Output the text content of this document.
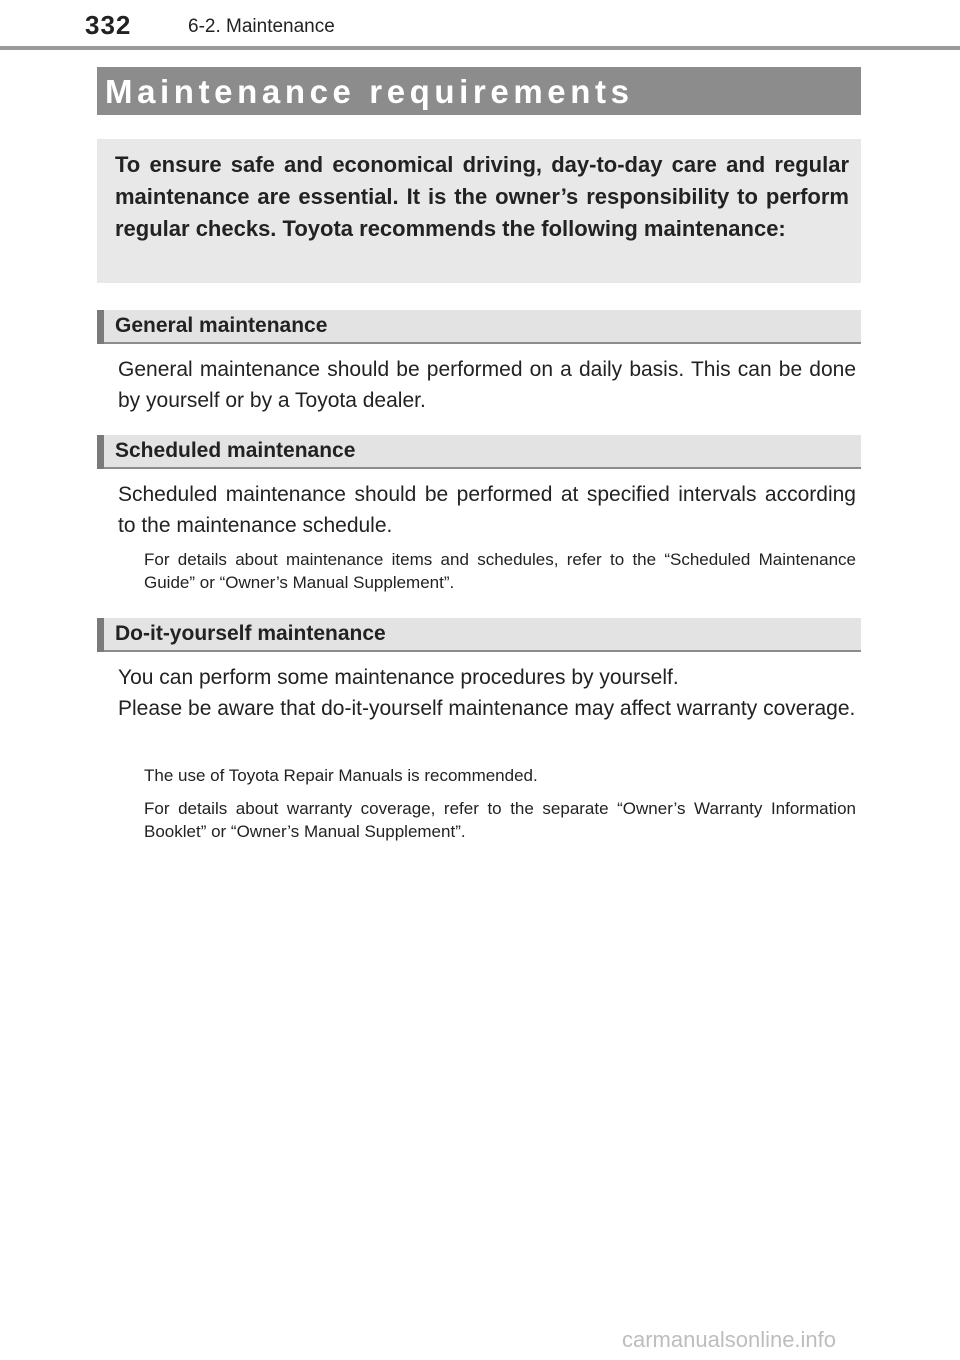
332	6-2. Maintenance
Maintenance requirements

To ensure safe and economical driving, day-to-day care and regular maintenance are essential. It is the owner’s responsibility to perform regular checks. Toyota recommends the following maintenance:

General maintenance

General maintenance should be performed on a daily basis. This can be done by yourself or by a Toyota dealer.

Scheduled maintenance

Scheduled maintenance should be performed at specified intervals according to the maintenance schedule.

For details about maintenance items and schedules, refer to the “Scheduled Maintenance Guide” or “Owner’s Manual Supplement”.

Do-it-yourself maintenance

You can perform some maintenance procedures by yourself.

Please be aware that do-it-yourself maintenance may affect warranty coverage.

The use of Toyota Repair Manuals is recommended.

For details about warranty coverage, refer to the separate “Owner’s Warranty Information Booklet” or “Owner’s Manual Supplement”.

carmanualsonline.info
